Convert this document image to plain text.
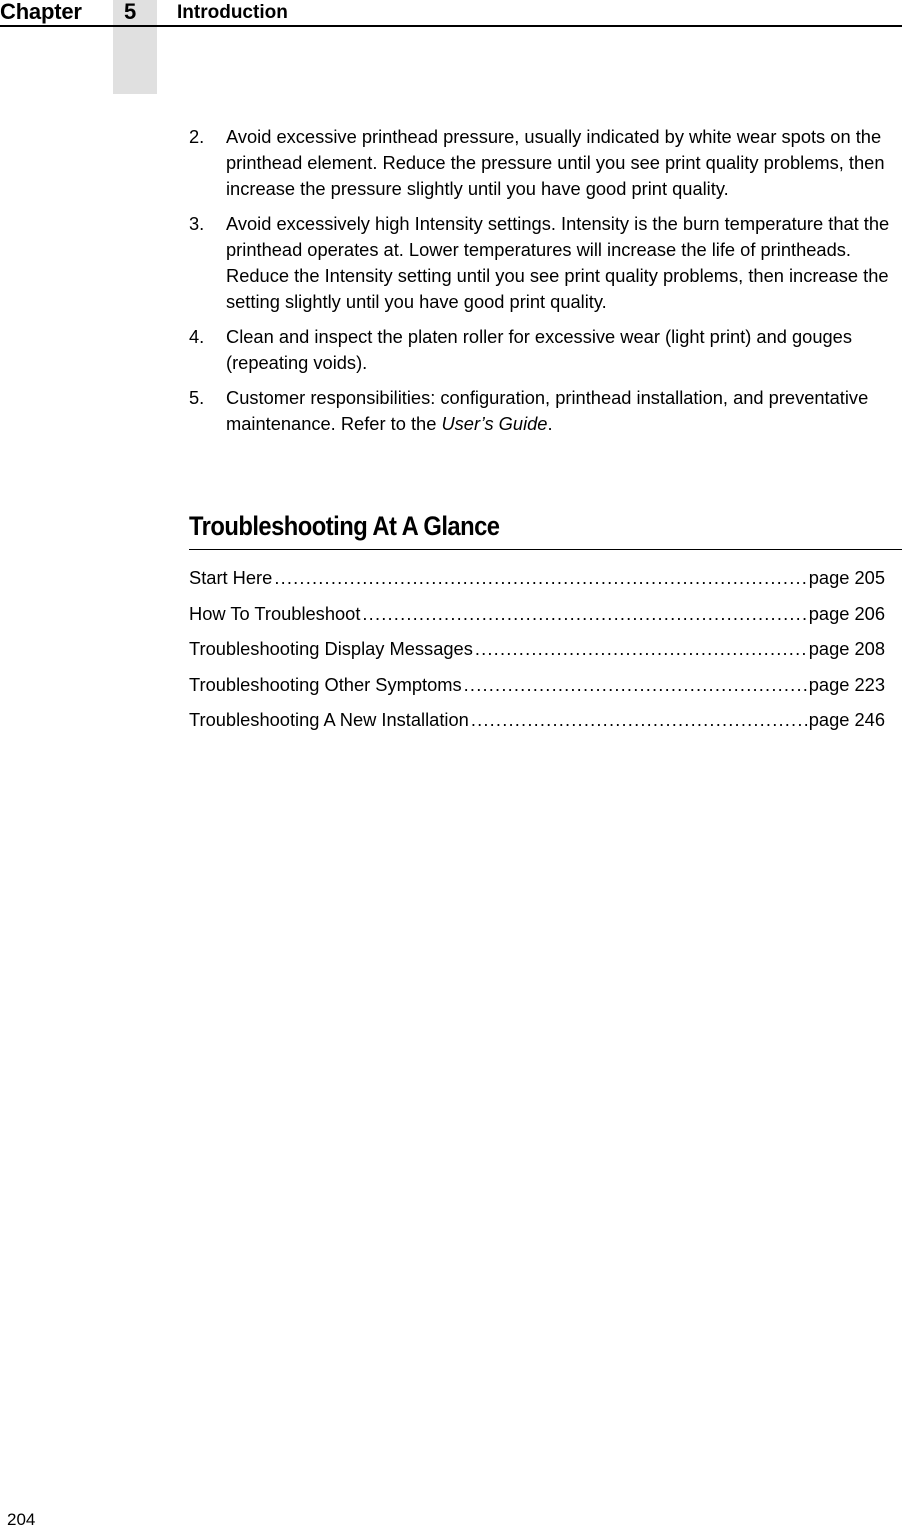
Chapter 5 Introduction
2.	Avoid excessive printhead pressure, usually indicated by white wear spots on the printhead element. Reduce the pressure until you see print quality problems, then increase the pressure slightly until you have good print quality.
3.	Avoid excessively high Intensity settings. Intensity is the burn temperature that the printhead operates at. Lower temperatures will increase the life of printheads. Reduce the Intensity setting until you see print quality problems, then increase the setting slightly until you have good print quality.
4.	Clean and inspect the platen roller for excessive wear (light print) and gouges (repeating voids).
5.	Customer responsibilities: configuration, printhead installation, and preventative maintenance. Refer to the User’s Guide.
Troubleshooting At A Glance
Start Here .....	page 205
How To Troubleshoot .....	page 206
Troubleshooting Display Messages .....	page 208
Troubleshooting Other Symptoms .....	page 223
Troubleshooting A New Installation .....	page 246
204
